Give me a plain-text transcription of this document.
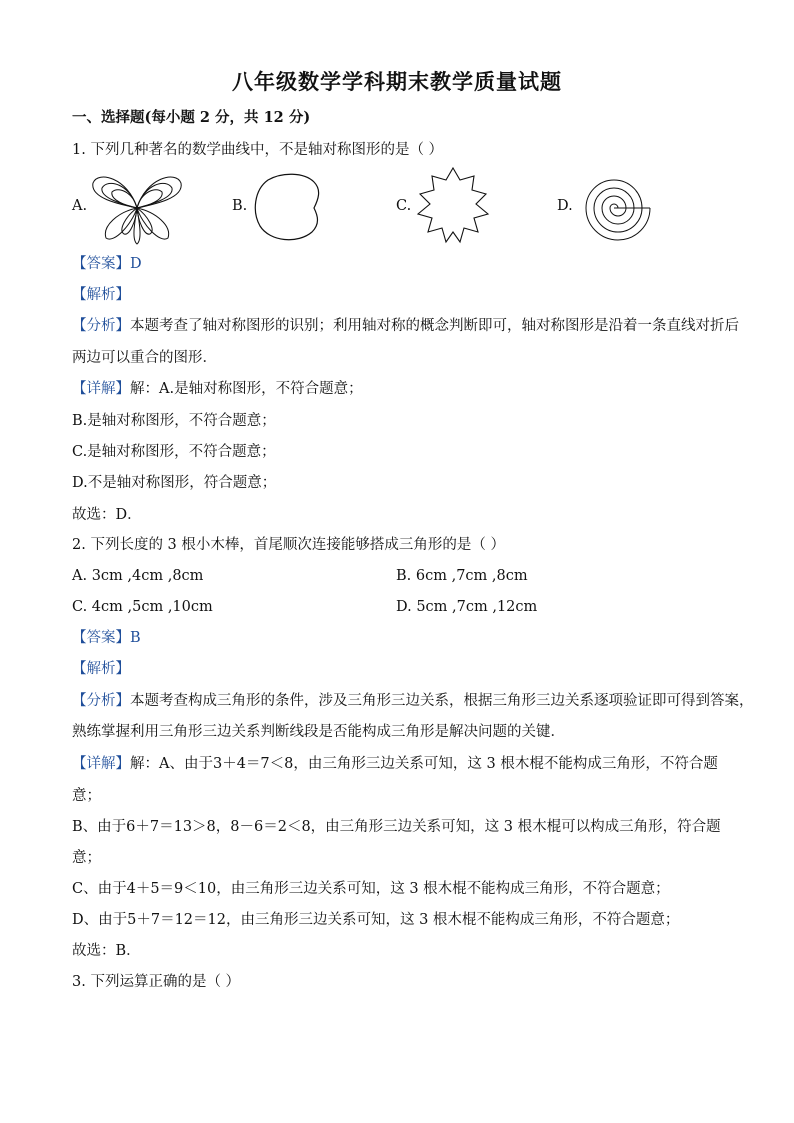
八年级数学学科期末教学质量试题
一、选择题(每小题 2 分，共 12 分)
1. 下列几种著名的数学曲线中，不是轴对称图形的是（ ）
A.	B.	C.	D.
【答案】D
【解析】
【分析】本题考查了轴对称图形的识别；利用轴对称的概念判断即可，轴对称图形是沿着一条直线对折后
两边可以重合的图形．
【详解】解：A.是轴对称图形，不符合题意；
B.是轴对称图形，不符合题意；
C.是轴对称图形，不符合题意；
D.不是轴对称图形，符合题意；
故选：D．
2. 下列长度的 3 根小木棒，首尾顺次连接能够搭成三角形的是（ ）
A. 3cm ,4cm ,8cm	B. 6cm ,7cm ,8cm
C. 4cm ,5cm ,10cm	D. 5cm ,7cm ,12cm
【答案】B
【解析】
【分析】本题考查构成三角形的条件，涉及三角形三边关系，根据三角形三边关系逐项验证即可得到答案，
熟练掌握利用三角形三边关系判断线段是否能构成三角形是解决问题的关键．
【详解】解：A、由于3＋4＝7＜8，由三角形三边关系可知，这 3 根木棍不能构成三角形，不符合题
意；
B、由于6＋7＝13＞8，8－6＝2＜8，由三角形三边关系可知，这 3 根木棍可以构成三角形，符合题
意；
C、由于4＋5＝9＜10，由三角形三边关系可知，这 3 根木棍不能构成三角形，不符合题意；
D、由于5＋7＝12＝12，由三角形三边关系可知，这 3 根木棍不能构成三角形，不符合题意；
故选：B．
3. 下列运算正确的是（ ）
